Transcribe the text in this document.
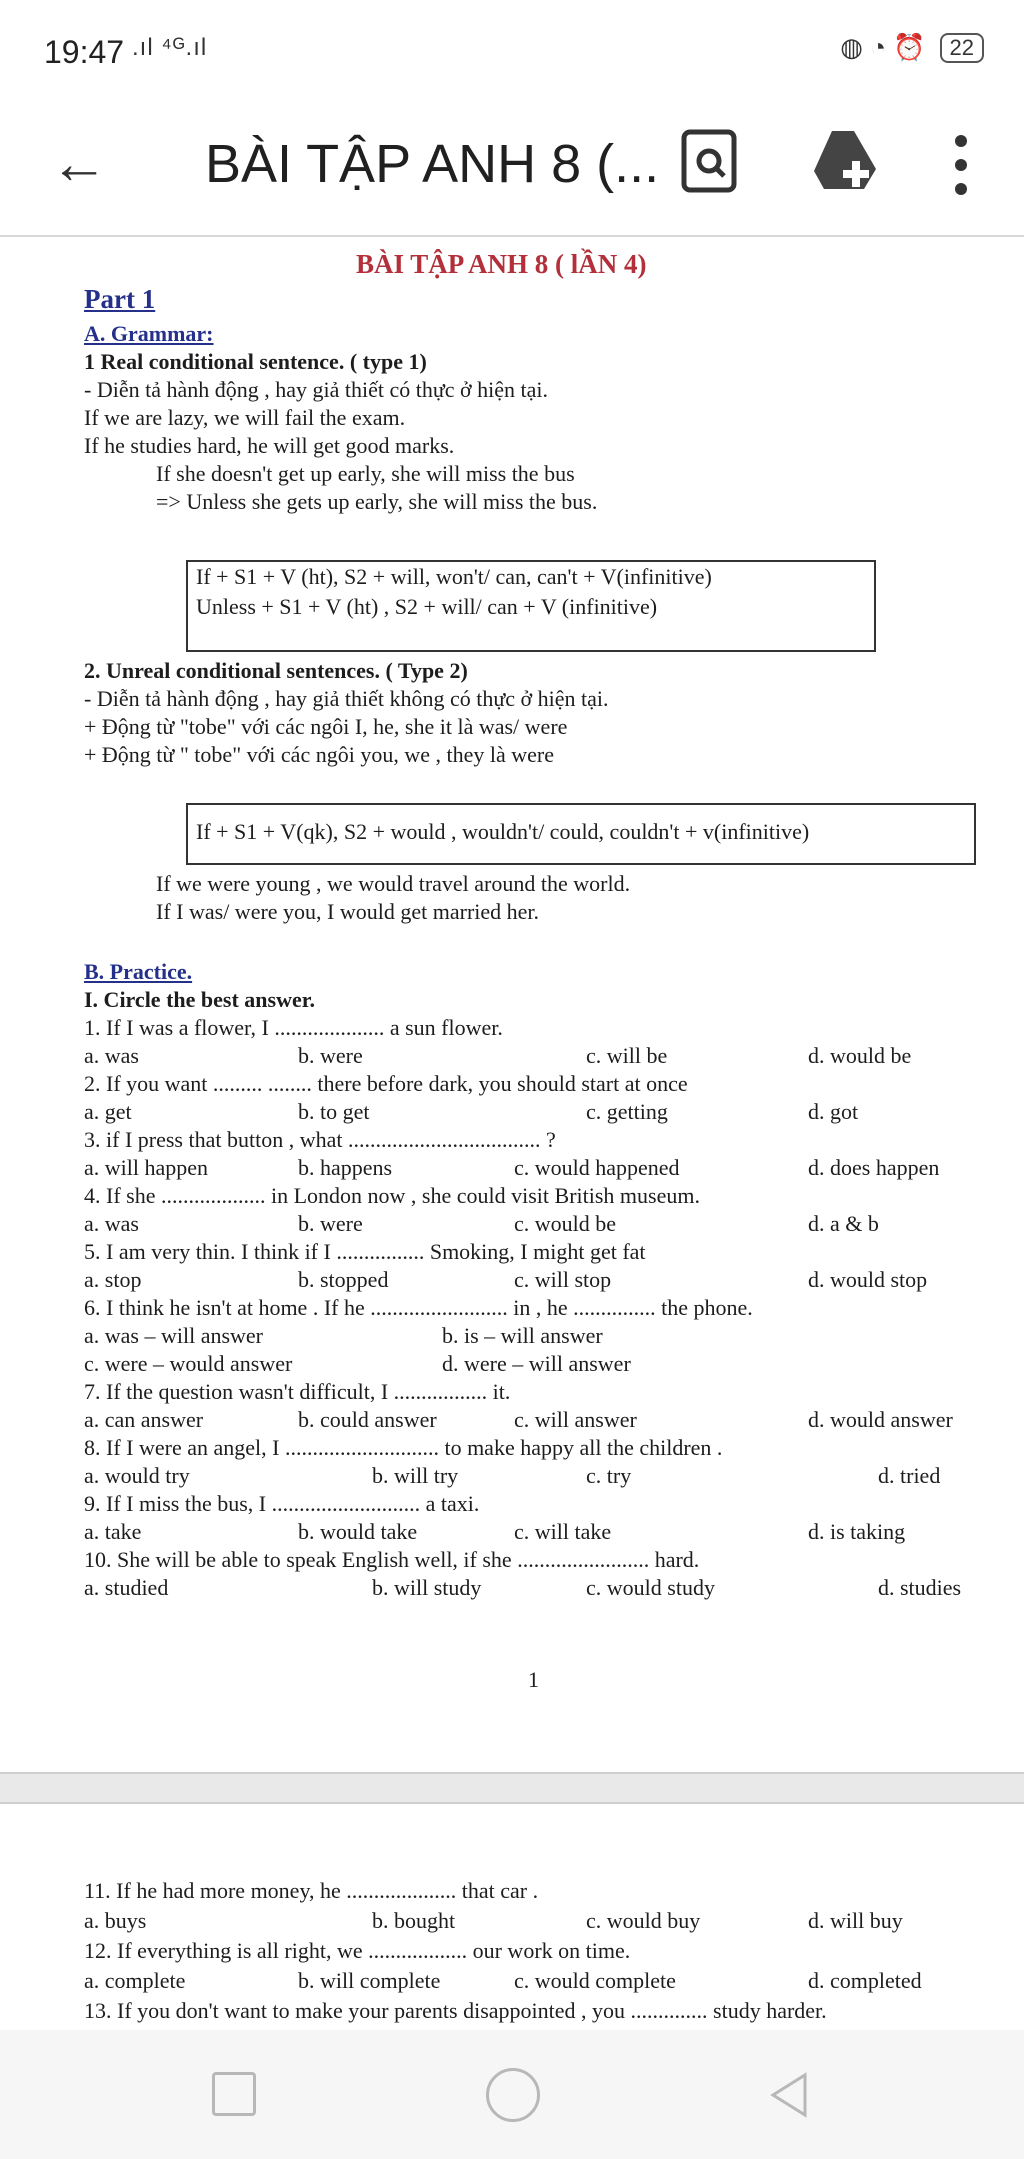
19:47 .ıl ⁴ᴳ.ıl	◍ ◔ ⏰	22
← BÀI TẬP ANH 8 (...
BÀI TẬP ANH 8 ( lẦN 4)
Part 1
A. Grammar:
1 Real conditional sentence. ( type 1)
- Diễn tả hành động , hay giả thiết có thực ở hiện tại.
If we are lazy, we will fail the exam.
If he studies hard, he will get good marks.
If she doesn't get up early, she will miss the bus
=> Unless she gets up early, she will miss the bus.
If + S1 + V (ht), S2 + will, won't/ can, can't + V(infinitive)
Unless + S1 + V (ht) , S2 + will/ can + V (infinitive)
2. Unreal conditional sentences. ( Type 2)
- Diễn tả hành động , hay giả thiết không có thực ở hiện tại.
+ Động từ "tobe" với các ngôi I, he, she it là was/ were
+ Động từ " tobe" với các ngôi you, we , they là were
If + S1 + V(qk), S2 + would , wouldn't/ could, couldn't + v(infinitive)
If we were young , we would travel around the world.
If I was/ were you, I would get married her.
B. Practice.
I. Circle the best answer.
1. If I was a flower, I .................... a sun flower.
a. was	b. were	c. will be	d. would be
2. If you want ......... ........ there before dark, you should start at once
a. get	b. to get	c. getting	d. got
3. if I press that button , what ................................... ?
a. will happen	b. happens	c. would happened	d. does happen
4. If she ................... in London now , she could visit British museum.
a. was	b. were	c. would be	d. a & b
5. I am very thin. I think if I ................ Smoking, I might get fat
a. stop	b. stopped	c. will stop	d. would stop
6. I think he isn't at home . If he ......................... in , he ............... the phone.
a. was – will answer	b. is – will answer
c. were – would answer	d. were – will answer
7. If the question wasn't difficult, I ................. it.
a. can answer	b. could answer	c. will answer	d. would answer
8. If I were an angel, I ............................ to make happy all the children .
a. would try	b. will try	c. try	d. tried
9. If I miss the bus, I ........................... a taxi.
a. take	b. would take	c. will take	d. is taking
10. She will be able to speak English well, if she ........................ hard.
a. studied	b. will study	c. would study	d. studies
1
11. If he had more money, he .................... that car .
a. buys	b. bought	c. would buy	d. will buy
12. If everything is all right, we .................. our work on time.
a. complete	b. will complete	c. would complete	d. completed
13. If you don't want to make your parents disappointed , you .............. study harder.
